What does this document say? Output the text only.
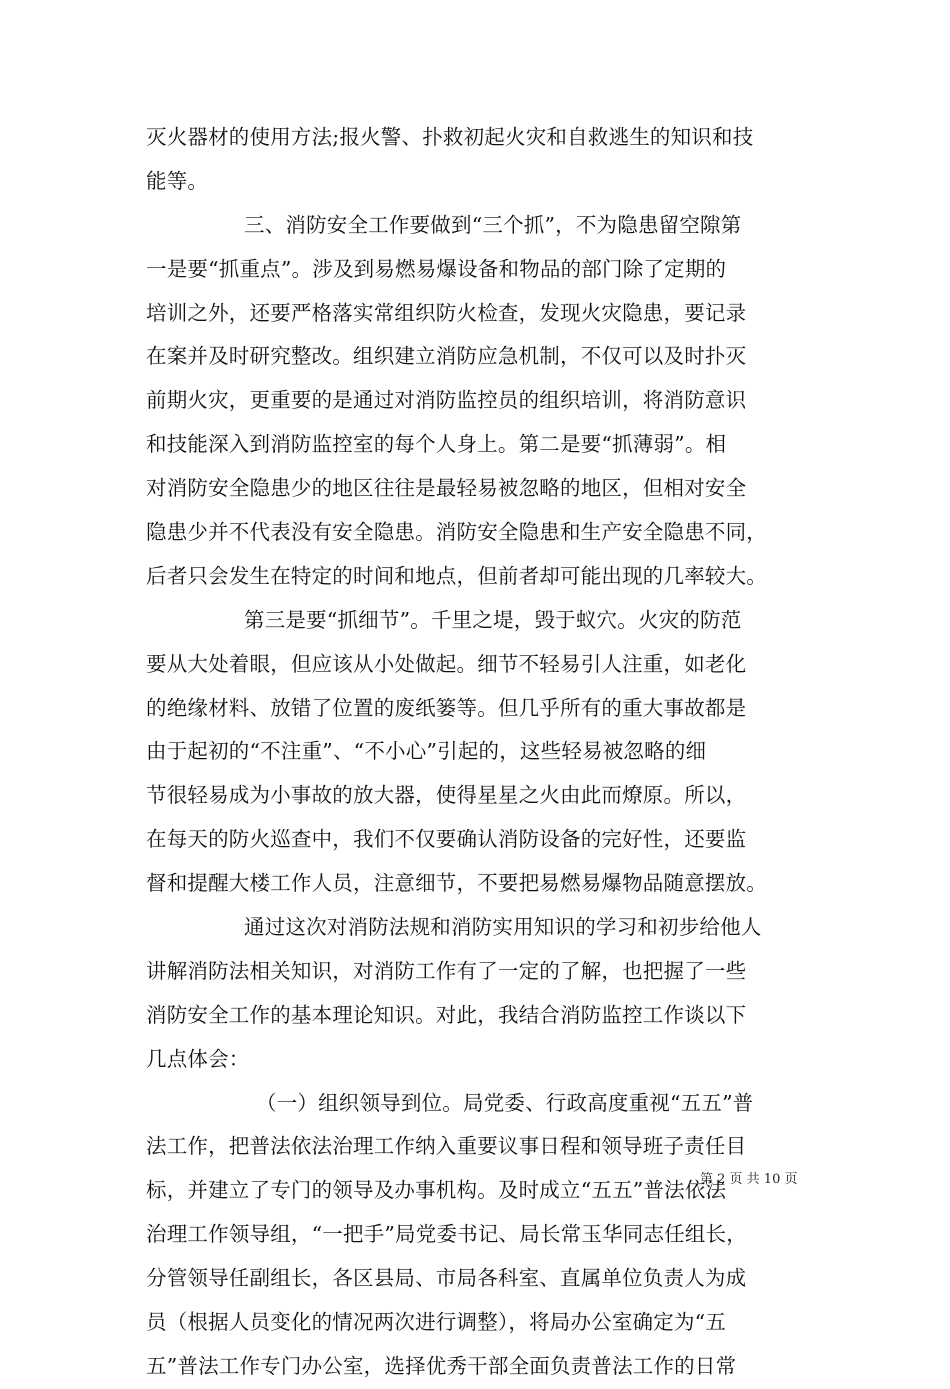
灭火器材的使用方法;报火警、扑救初起火灾和自救逃生的知识和技
能等。
三、消防安全工作要做到“三个抓”，不为隐患留空隙第
一是要“抓重点”。涉及到易燃易爆设备和物品的部门除了定期的
培训之外，还要严格落实常组织防火检查，发现火灾隐患，要记录
在案并及时研究整改。组织建立消防应急机制，不仅可以及时扑灭
前期火灾，更重要的是通过对消防监控员的组织培训，将消防意识
和技能深入到消防监控室的每个人身上。第二是要“抓薄弱”。相
对消防安全隐患少的地区往往是最轻易被忽略的地区，但相对安全
隐患少并不代表没有安全隐患。消防安全隐患和生产安全隐患不同，
后者只会发生在特定的时间和地点，但前者却可能出现的几率较大。
第三是要“抓细节”。千里之堤，毁于蚁穴。火灾的防范
要从大处着眼，但应该从小处做起。细节不轻易引人注重，如老化
的绝缘材料、放错了位置的废纸篓等。但几乎所有的重大事故都是
由于起初的“不注重”、“不小心”引起的，这些轻易被忽略的细
节很轻易成为小事故的放大器，使得星星之火由此而燎原。所以，
在每天的防火巡查中，我们不仅要确认消防设备的完好性，还要监
督和提醒大楼工作人员，注意细节，不要把易燃易爆物品随意摆放。
通过这次对消防法规和消防实用知识的学习和初步给他人
讲解消防法相关知识，对消防工作有了一定的了解，也把握了一些
消防安全工作的基本理论知识。对此，我结合消防监控工作谈以下
几点体会：
（一）组织领导到位。局党委、行政高度重视“五五”普
法工作，把普法依法治理工作纳入重要议事日程和领导班子责任目
标，并建立了专门的领导及办事机构。及时成立“五五”普法依法
治理工作领导组，“一把手”局党委书记、局长常玉华同志任组长，
分管领导任副组长，各区县局、市局各科室、直属单位负责人为成
员（根据人员变化的情况两次进行调整），将局办公室确定为“五
五”普法工作专门办公室，选择优秀干部全面负责普法工作的日常
第 2 页 共 10 页
